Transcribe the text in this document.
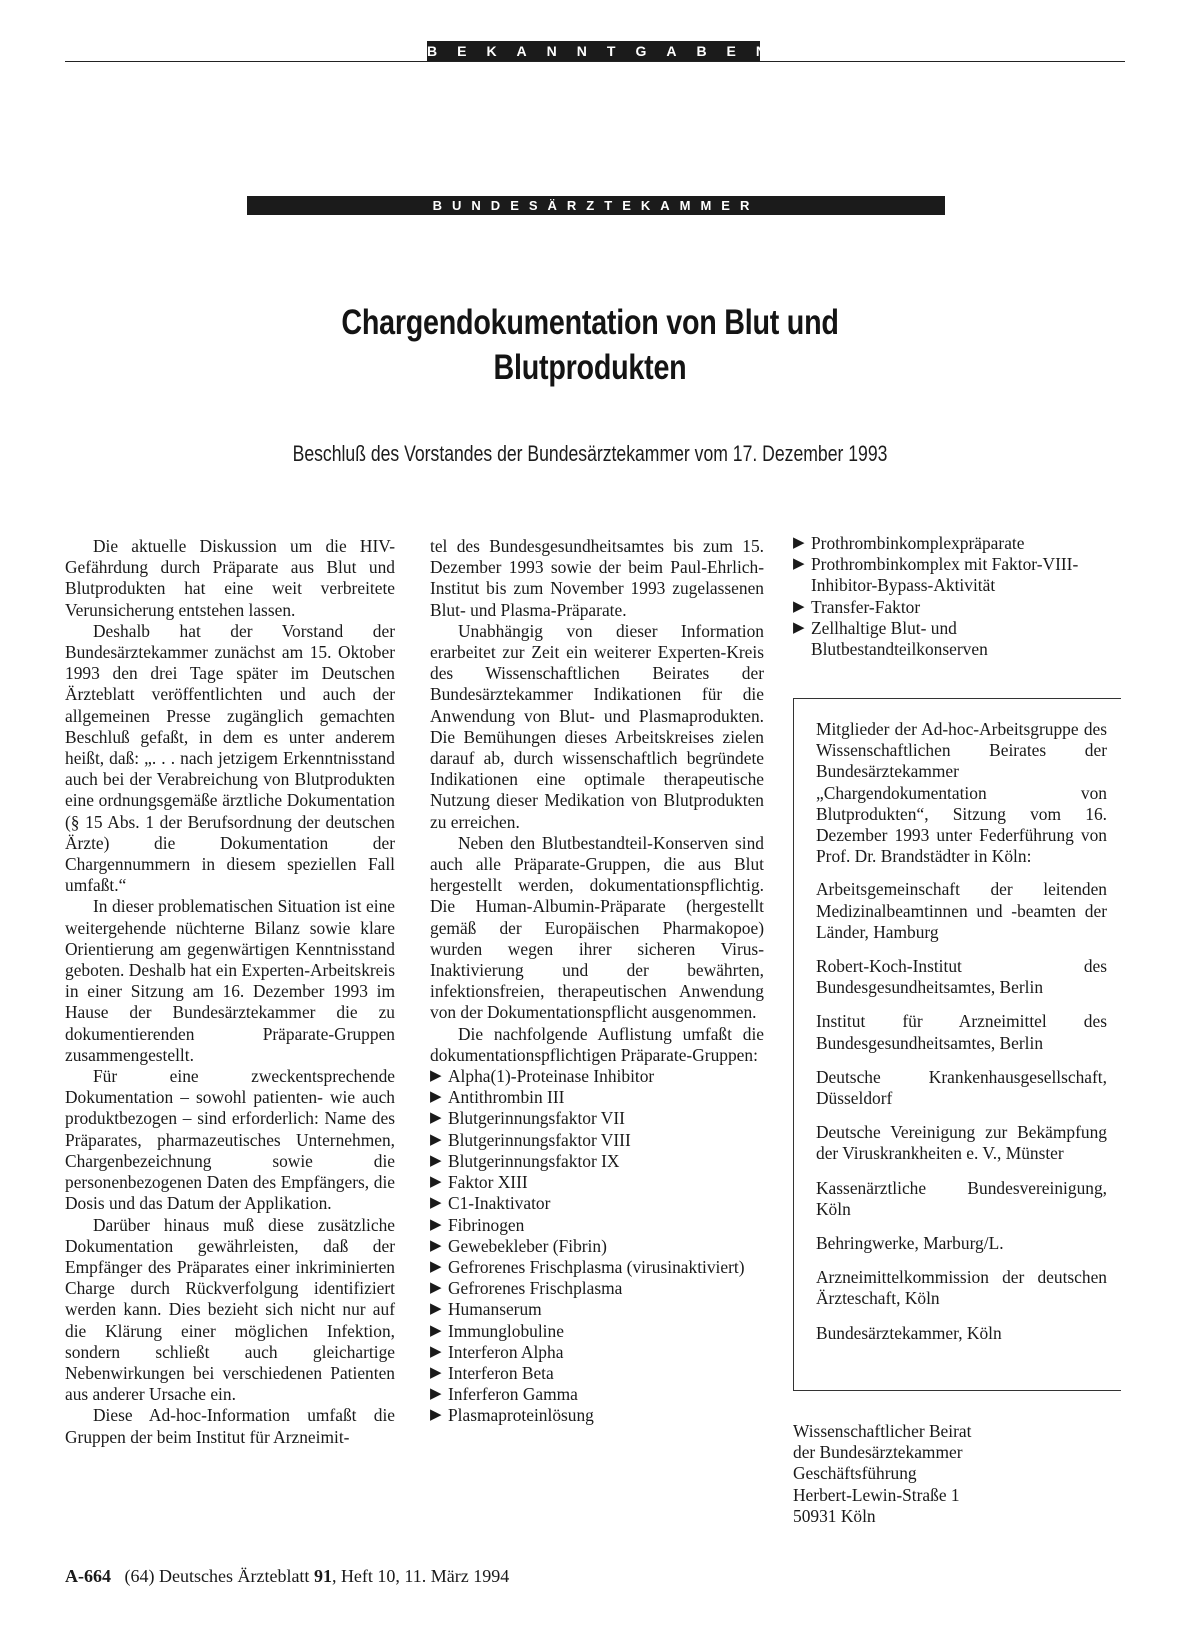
BEKANNTGABEN
BUNDESÄRZTEKAMMER
Chargendokumentation von Blut und
Blutprodukten
Beschluß des Vorstandes der Bundesärztekammer vom 17. Dezember 1993

Die aktuelle Diskussion um die HIV-Gefährdung durch Präparate aus Blut und Blutprodukten hat eine weit verbreitete Verunsicherung entstehen lassen.

Deshalb hat der Vorstand der Bundesärztekammer zunächst am 15. Oktober 1993 den drei Tage später im Deutschen Ärzteblatt veröffentlichten und auch der allgemeinen Presse zugänglich gemachten Beschluß gefaßt, in dem es unter anderem heißt, daß: „. . . nach jetzigem Erkenntnisstand auch bei der Verabreichung von Blutprodukten eine ordnungsgemäße ärztliche Dokumentation (§ 15 Abs. 1 der Berufsordnung der deutschen Ärzte) die Dokumentation der Chargennummern in diesem speziellen Fall umfaßt.“

In dieser problematischen Situation ist eine weitergehende nüchterne Bilanz sowie klare Orientierung am gegenwärtigen Kenntnisstand geboten. Deshalb hat ein Experten-Arbeitskreis in einer Sitzung am 16. Dezember 1993 im Hause der Bundesärztekammer die zu dokumentierenden Präparate-Gruppen zusammengestellt.

Für eine zweckentsprechende Dokumentation – sowohl patienten- wie auch produktbezogen – sind erforderlich: Name des Präparates, pharmazeutisches Unternehmen, Chargenbezeichnung sowie die personenbezogenen Daten des Empfängers, die Dosis und das Datum der Applikation.

Darüber hinaus muß diese zusätzliche Dokumentation gewährleisten, daß der Empfänger des Präparates einer inkriminierten Charge durch Rückverfolgung identifiziert werden kann. Dies bezieht sich nicht nur auf die Klärung einer möglichen Infektion, sondern schließt auch gleichartige Nebenwirkungen bei verschiedenen Patienten aus anderer Ursache ein.

Diese Ad-hoc-Information umfaßt die Gruppen der beim Institut für Arzneimit-

tel des Bundesgesundheitsamtes bis zum 15. Dezember 1993 sowie der beim Paul-Ehrlich-Institut bis zum November 1993 zugelassenen Blut- und Plasma-Präparate.

Unabhängig von dieser Information erarbeitet zur Zeit ein weiterer Experten-Kreis des Wissenschaftlichen Beirates der Bundesärztekammer Indikationen für die Anwendung von Blut- und Plasmaprodukten. Die Bemühungen dieses Arbeitskreises zielen darauf ab, durch wissenschaftlich begründete Indikationen eine optimale therapeutische Nutzung dieser Medikation von Blutprodukten zu erreichen.

Neben den Blutbestandteil-Konserven sind auch alle Präparate-Gruppen, die aus Blut hergestellt werden, dokumentationspflichtig. Die Human-Albumin-Präparate (hergestellt gemäß der Europäischen Pharmakopoe) wurden wegen ihrer sicheren Virus-Inaktivierung und der bewährten, infektionsfreien, therapeutischen Anwendung von der Dokumentationspflicht ausgenommen.

Die nachfolgende Auflistung umfaßt die dokumentationspflichtigen Präparate-Gruppen:

▶ Alpha(1)-Proteinase Inhibitor
▶ Antithrombin III
▶ Blutgerinnungsfaktor VII
▶ Blutgerinnungsfaktor VIII
▶ Blutgerinnungsfaktor IX
▶ Faktor XIII
▶ C1-Inaktivator
▶ Fibrinogen
▶ Gewebekleber (Fibrin)
▶ Gefrorenes Frischplasma (virusinaktiviert)
▶ Gefrorenes Frischplasma
▶ Humanserum
▶ Immunglobuline
▶ Interferon Alpha
▶ Interferon Beta
▶ Inferferon Gamma
▶ Plasmaproteinlösung
▶ Prothrombinkomplexpräparate
▶ Prothrombinkomplex mit Faktor-VIII-Inhibitor-Bypass-Aktivität
▶ Transfer-Faktor
▶ Zellhaltige Blut- und Blutbestandteilkonserven

Mitglieder der Ad-hoc-Arbeitsgruppe des Wissenschaftlichen Beirates der Bundesärztekammer „Chargendokumentation von Blutprodukten“, Sitzung vom 16. Dezember 1993 unter Federführung von Prof. Dr. Brandstädter in Köln:

Arbeitsgemeinschaft der leitenden Medizinalbeamtinnen und -beamten der Länder, Hamburg
Robert-Koch-Institut des Bundesgesundheitsamtes, Berlin
Institut für Arzneimittel des Bundesgesundheitsamtes, Berlin
Deutsche Krankenhausgesellschaft, Düsseldorf
Deutsche Vereinigung zur Bekämpfung der Viruskrankheiten e. V., Münster
Kassenärztliche Bundesvereinigung, Köln
Behringwerke, Marburg/L.
Arzneimittelkommission der deutschen Ärzteschaft, Köln
Bundesärztekammer, Köln
Wissenschaftlicher Beirat
der Bundesärztekammer
Geschäftsführung
Herbert-Lewin-Straße 1
50931 Köln
A-664 (64) Deutsches Ärzteblatt 91, Heft 10, 11. März 1994
